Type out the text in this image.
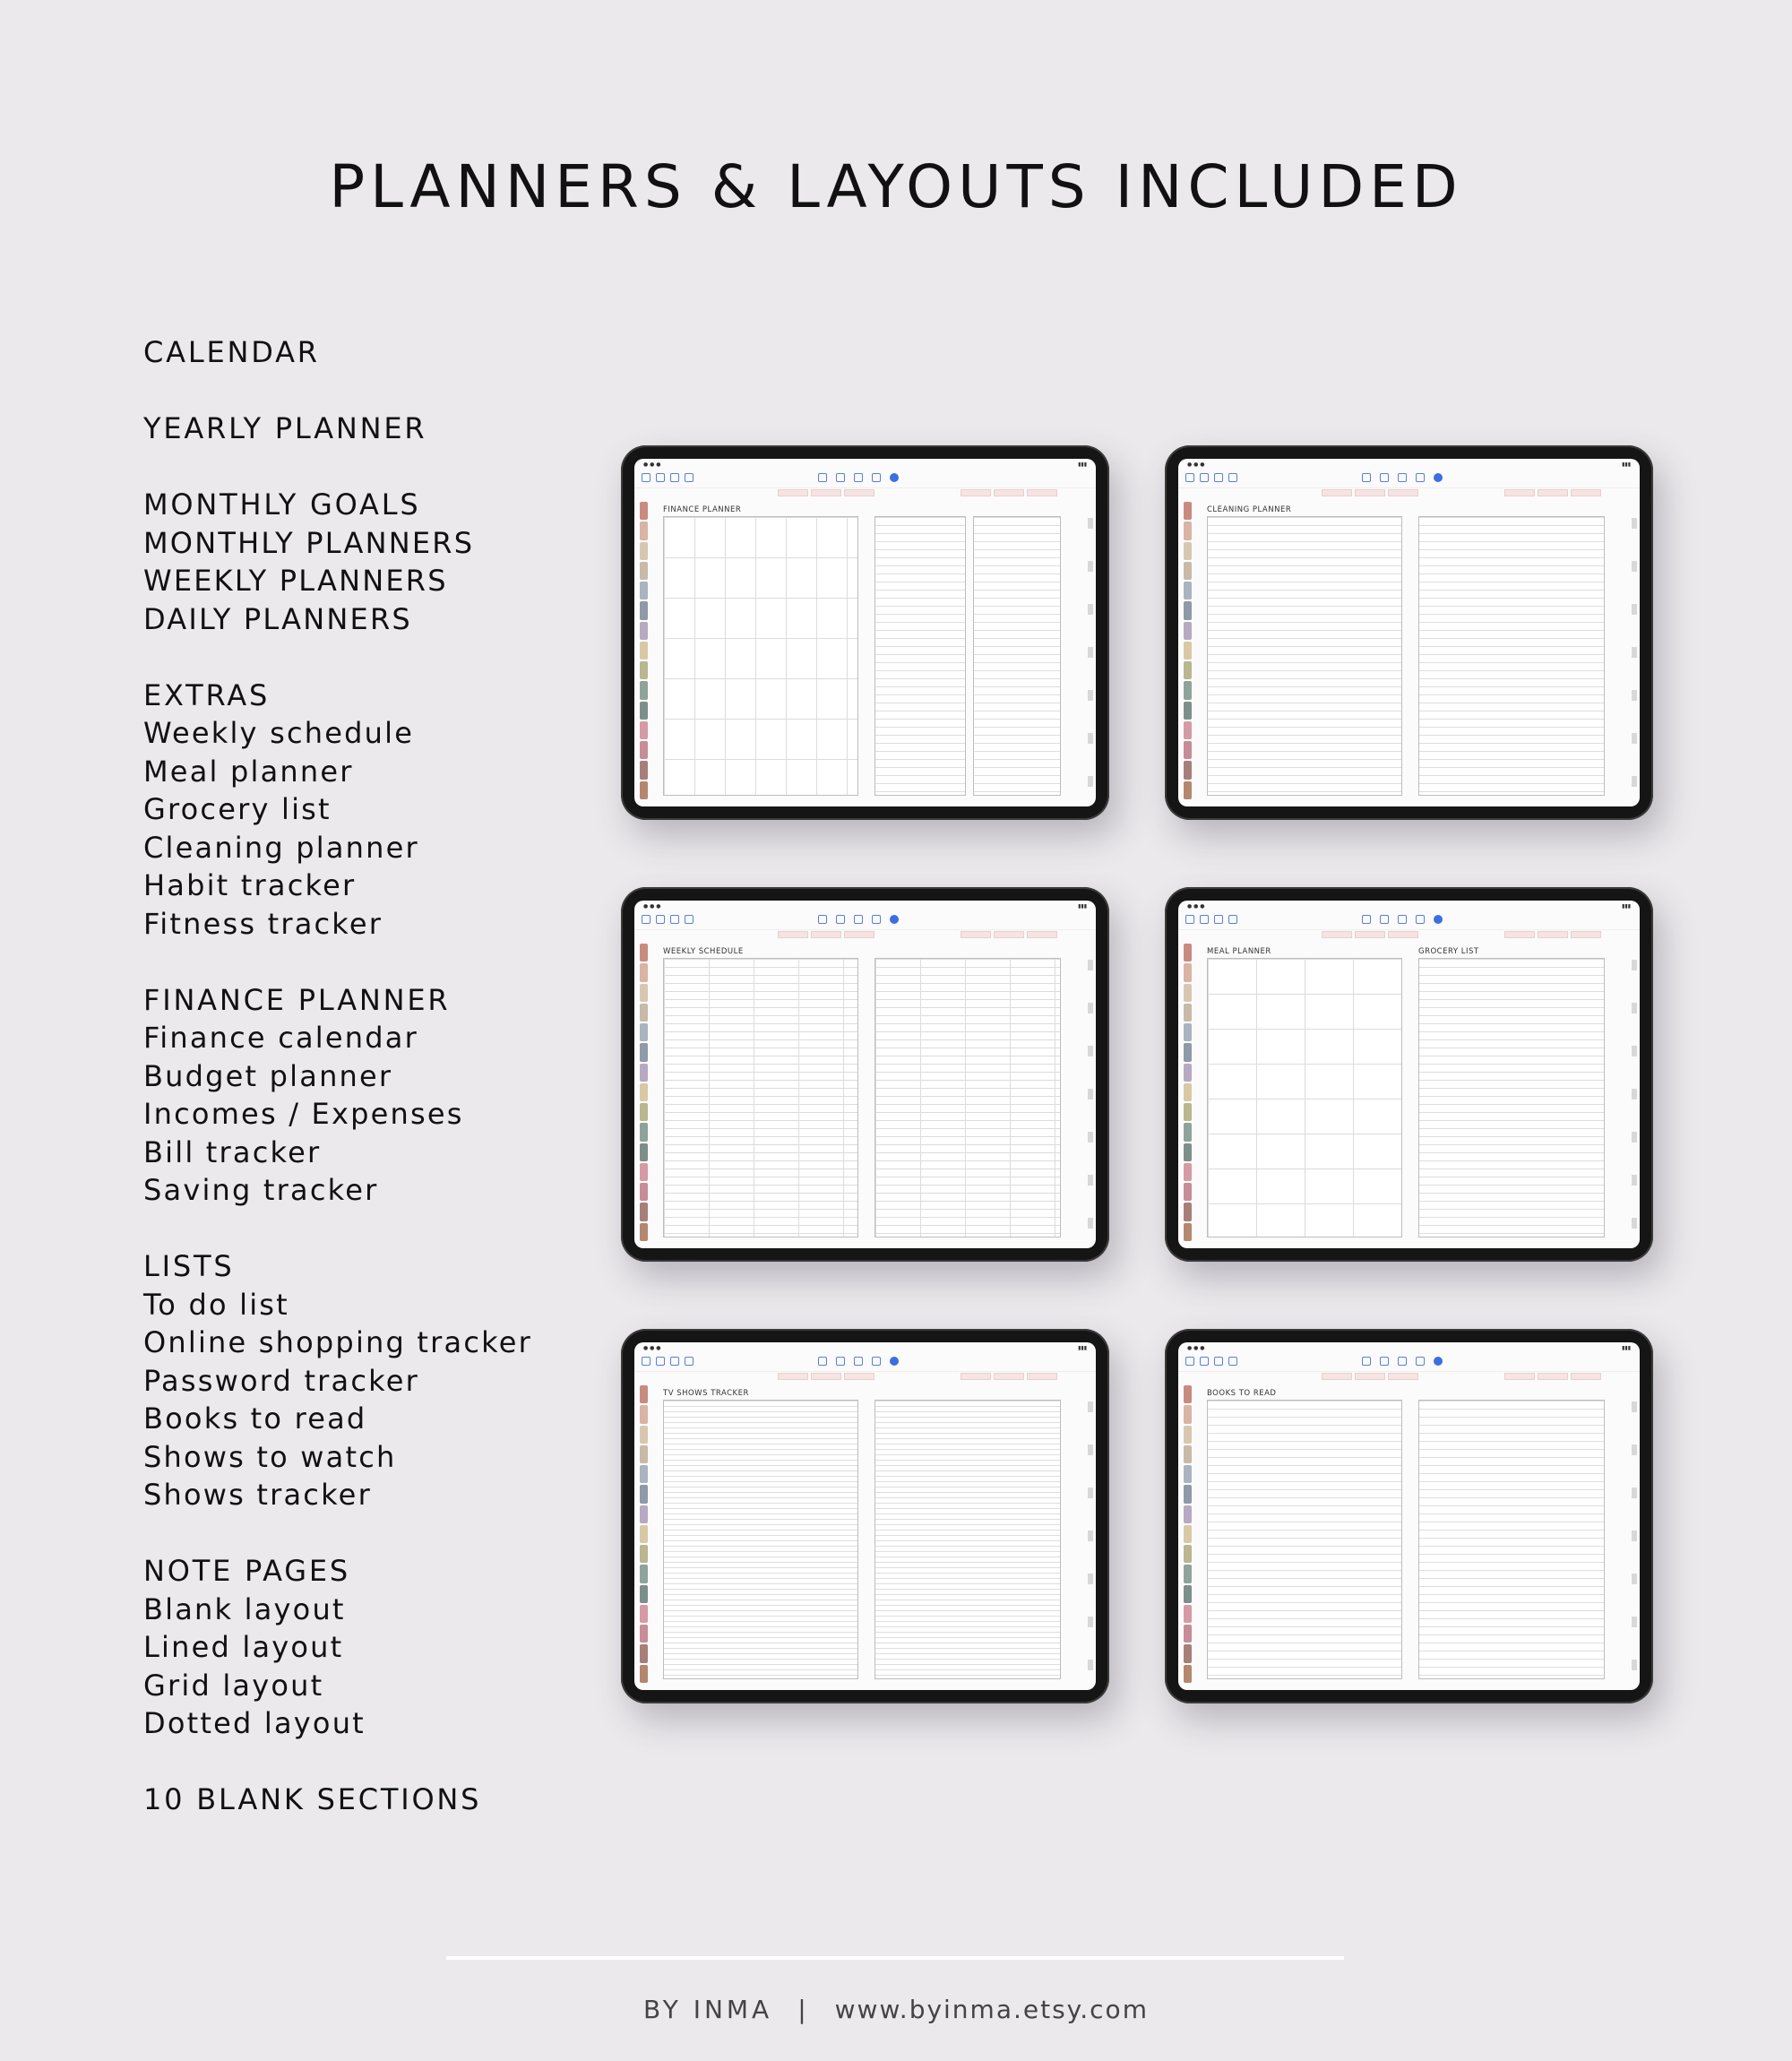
PLANNERS & LAYOUTS INCLUDED
CALENDAR
YEARLY PLANNER
MONTHLY GOALS
MONTHLY PLANNERS
WEEKLY PLANNERS
DAILY PLANNERS
EXTRAS
Weekly schedule
Meal planner
Grocery list
Cleaning planner
Habit tracker
Fitness tracker
FINANCE PLANNER
Finance calendar
Budget planner
Incomes / Expenses
Bill tracker
Saving tracker
LISTS
To do list
Online shopping tracker
Password tracker
Books to read
Shows to watch
Shows tracker
NOTE PAGES
Blank layout
Lined layout
Grid layout
Dotted layout
10 BLANK SECTIONS
● ● ●	▮▮▮
FINANCE PLANNER
● ● ●	▮▮▮
CLEANING PLANNER
● ● ●	▮▮▮
WEEKLY SCHEDULE
● ● ●	▮▮▮
MEAL PLANNER	GROCERY LIST
● ● ●	▮▮▮
TV SHOWS TRACKER
● ● ●	▮▮▮
BOOKS TO READ
BY INMA | www.byinma.etsy.com
